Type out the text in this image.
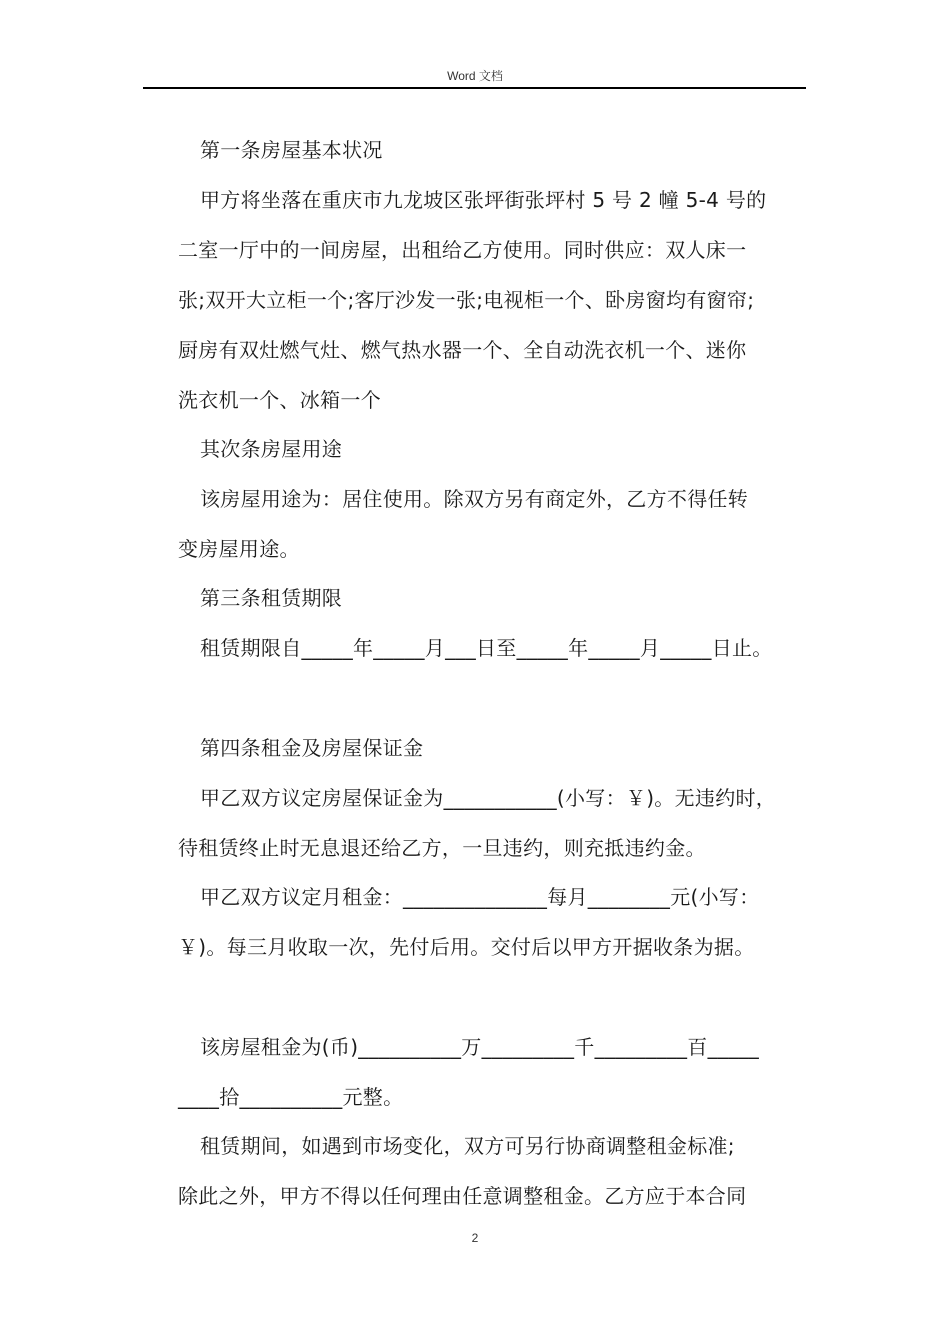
Word 文档
第一条房屋基本状况
甲方将坐落在重庆市九龙坡区张坪街张坪村 5 号 2 幢 5-4 号的
二室一厅中的一间房屋，出租给乙方使用。同时供应：双人床一
张;双开大立柜一个;客厅沙发一张;电视柜一个、卧房窗均有窗帘;
厨房有双灶燃气灶、燃气热水器一个、全自动洗衣机一个、迷你
洗衣机一个、冰箱一个
其次条房屋用途
该房屋用途为：居住使用。除双方另有商定外，乙方不得任转
变房屋用途。
第三条租赁期限
租赁期限自_____年_____月___日至_____年_____月_____日止。
第四条租金及房屋保证金
甲乙双方议定房屋保证金为___________(小写：￥)。无违约时，
待租赁终止时无息退还给乙方，一旦违约，则充抵违约金。
甲乙双方议定月租金：______________每月________元(小写：
￥)。每三月收取一次，先付后用。交付后以甲方开据收条为据。
该房屋租金为(币)__________万_________千_________百_____
____拾__________元整。
租赁期间，如遇到市场变化，双方可另行协商调整租金标准;
除此之外，甲方不得以任何理由任意调整租金。乙方应于本合同
2
